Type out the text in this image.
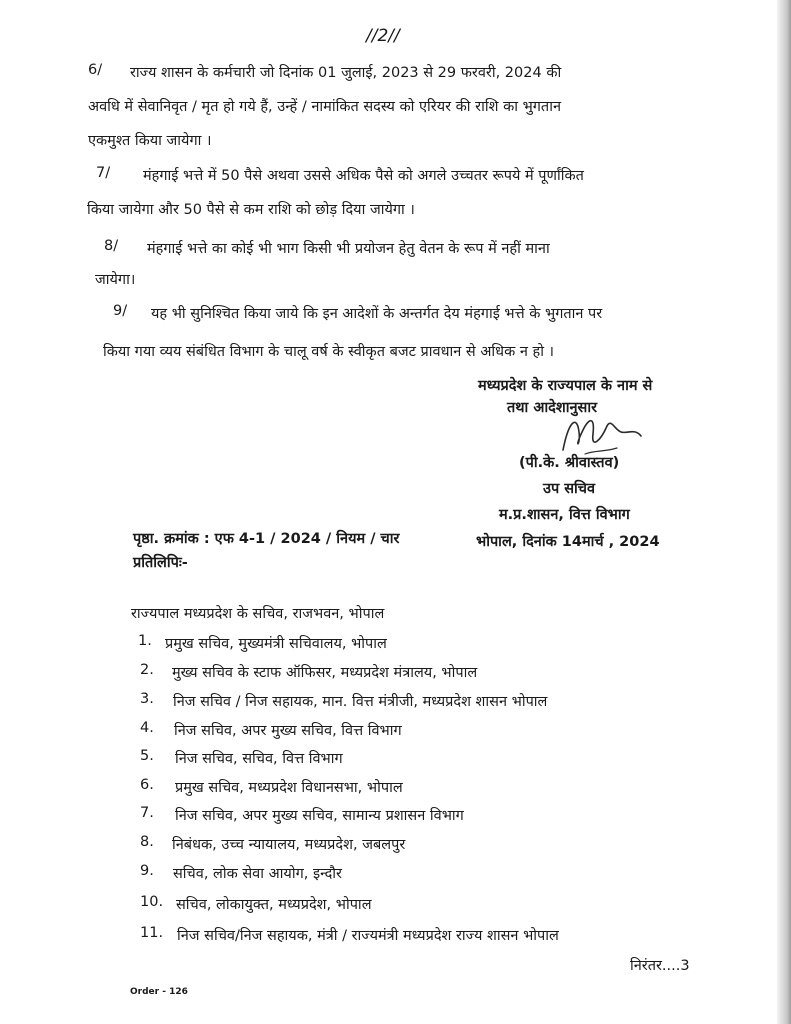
//2//
6/ राज्य शासन के कर्मचारी जो दिनांक 01 जुलाई, 2023 से 29 फरवरी, 2024 की
अवधि में सेवानिवृत / मृत हो गये हैं, उन्हें / नामांकित सदस्य को एरियर की राशि का भुगतान
एकमुश्त किया जायेगा ।
7/ मंहगाई भत्ते में 50 पैसे अथवा उससे अधिक पैसे को अगले उच्चतर रूपये में पूर्णांकित
किया जायेगा और 50 पैसे से कम राशि को छोड़ दिया जायेगा ।
8/ मंहगाई भत्ते का कोई भी भाग किसी भी प्रयोजन हेतु वेतन के रूप में नहीं माना
जायेगा।
9/ यह भी सुनिश्चित किया जाये कि इन आदेशों के अन्तर्गत देय मंहगाई भत्ते के भुगतान पर
किया गया व्यय संबंधित विभाग के चालू वर्ष के स्वीकृत बजट प्रावधान से अधिक न हो ।
मध्यप्रदेश के राज्यपाल के नाम से
तथा आदेशानुसार
(पी.के. श्रीवास्तव)
उप सचिव
म.प्र.शासन, वित्त विभाग
पृष्ठा. क्रमांक : एफ 4-1 / 2024 / नियम / चार	भोपाल, दिनांक 14मार्च , 2024
प्रतिलिपिः-
राज्यपाल मध्यप्रदेश के सचिव, राजभवन, भोपाल
1. प्रमुख सचिव, मुख्यमंत्री सचिवालय, भोपाल
2. मुख्य सचिव के स्टाफ ऑफिसर, मध्यप्रदेश मंत्रालय, भोपाल
3. निज सचिव / निज सहायक, मान. वित्त मंत्रीजी, मध्यप्रदेश शासन भोपाल
4. निज सचिव, अपर मुख्य सचिव, वित्त विभाग
5. निज सचिव, सचिव, वित्त विभाग
6. प्रमुख सचिव, मध्यप्रदेश विधानसभा, भोपाल
7. निज सचिव, अपर मुख्य सचिव, सामान्य प्रशासन विभाग
8. निबंधक, उच्च न्यायालय, मध्यप्रदेश, जबलपुर
9. सचिव, लोक सेवा आयोग, इन्दौर
10. सचिव, लोकायुक्त, मध्यप्रदेश, भोपाल
11. निज सचिव/निज सहायक, मंत्री / राज्यमंत्री मध्यप्रदेश राज्य शासन भोपाल
निरंतर....3
Order - 126
